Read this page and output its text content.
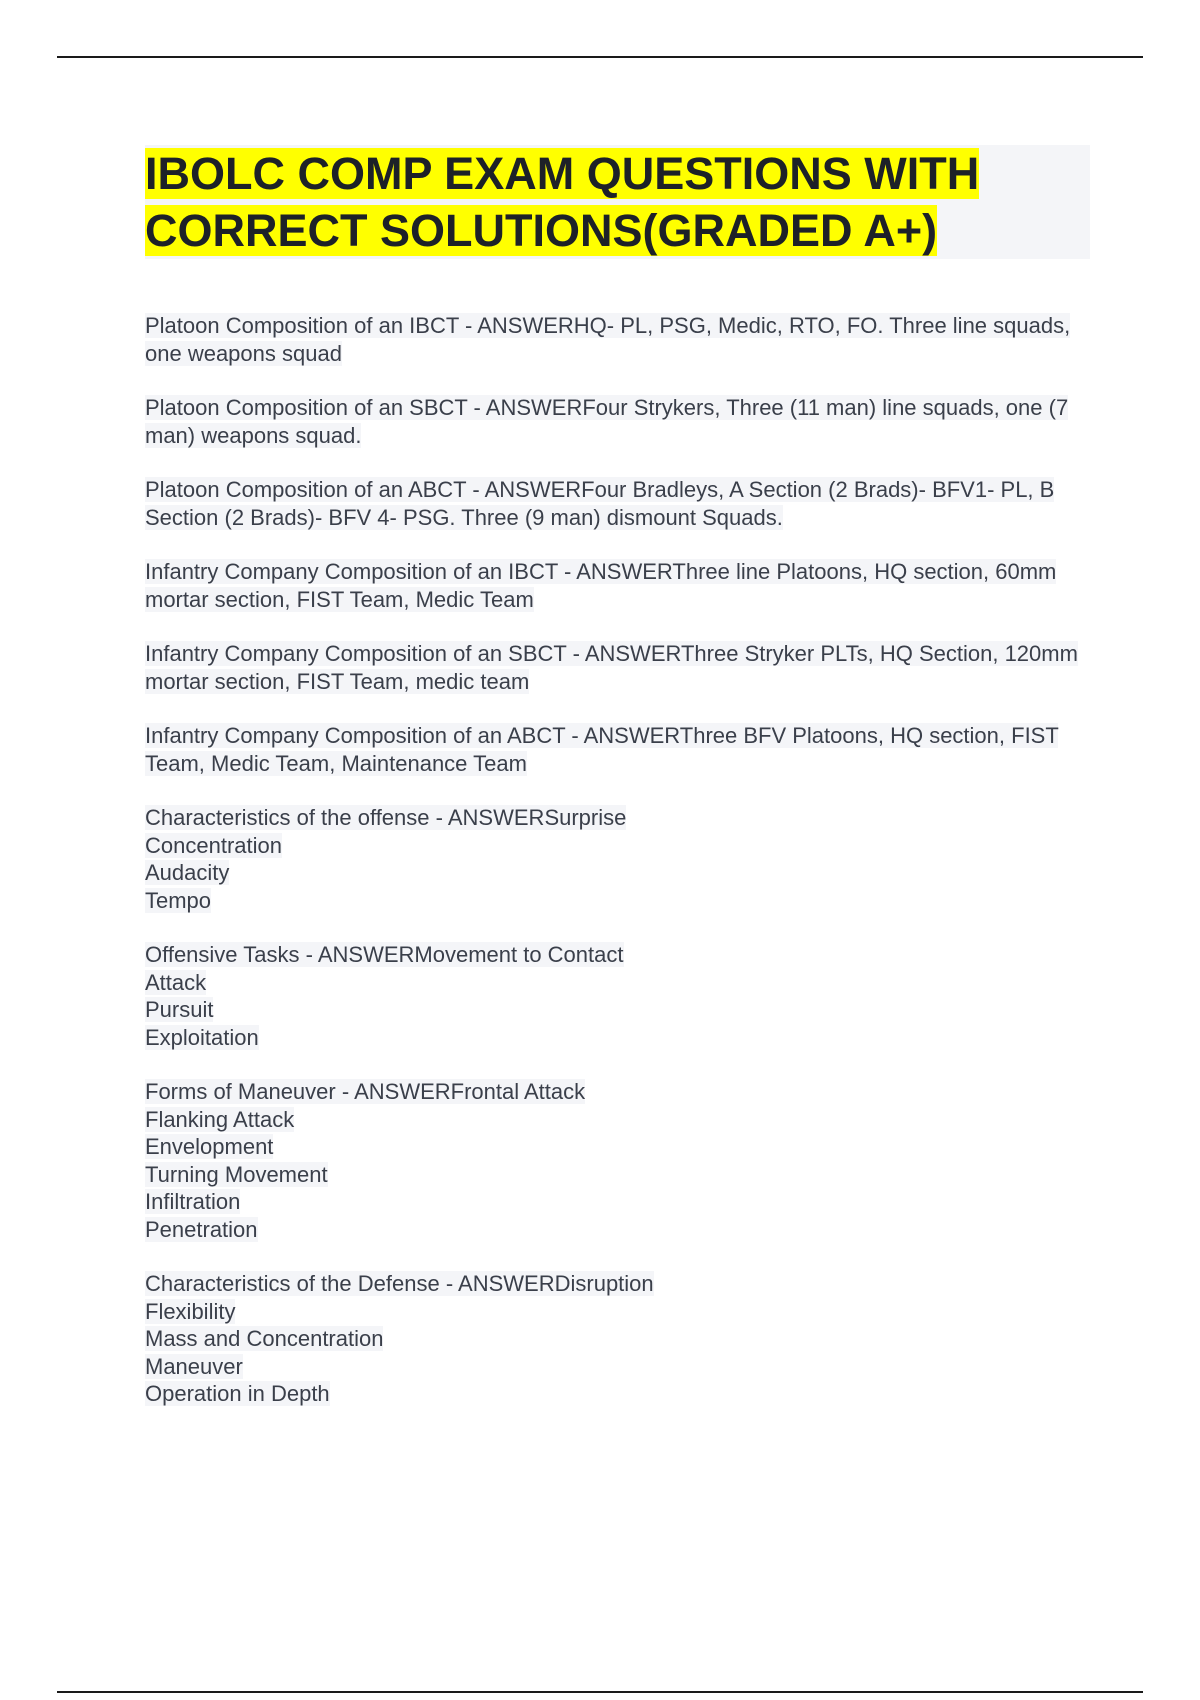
IBOLC COMP EXAM QUESTIONS WITH CORRECT SOLUTIONS(GRADED A+)
Platoon Composition of an IBCT - ANSWERHQ- PL, PSG, Medic, RTO, FO. Three line squads, one weapons squad
Platoon Composition of an SBCT - ANSWERFour Strykers, Three (11 man) line squads, one (7 man) weapons squad.
Platoon Composition of an ABCT - ANSWERFour Bradleys, A Section (2 Brads)- BFV1- PL, B Section (2 Brads)- BFV 4- PSG. Three (9 man) dismount Squads.
Infantry Company Composition of an IBCT - ANSWERThree line Platoons, HQ section, 60mm mortar section, FIST Team, Medic Team
Infantry Company Composition of an SBCT - ANSWERThree Stryker PLTs, HQ Section, 120mm mortar section, FIST Team, medic team
Infantry Company Composition of an ABCT - ANSWERThree BFV Platoons, HQ section, FIST Team, Medic Team, Maintenance Team
Characteristics of the offense - ANSWERSurprise
Concentration
Audacity
Tempo
Offensive Tasks - ANSWERMovement to Contact
Attack
Pursuit
Exploitation
Forms of Maneuver - ANSWERFrontal Attack
Flanking Attack
Envelopment
Turning Movement
Infiltration
Penetration
Characteristics of the Defense - ANSWERDisruption
Flexibility
Mass and Concentration
Maneuver
Operation in Depth
